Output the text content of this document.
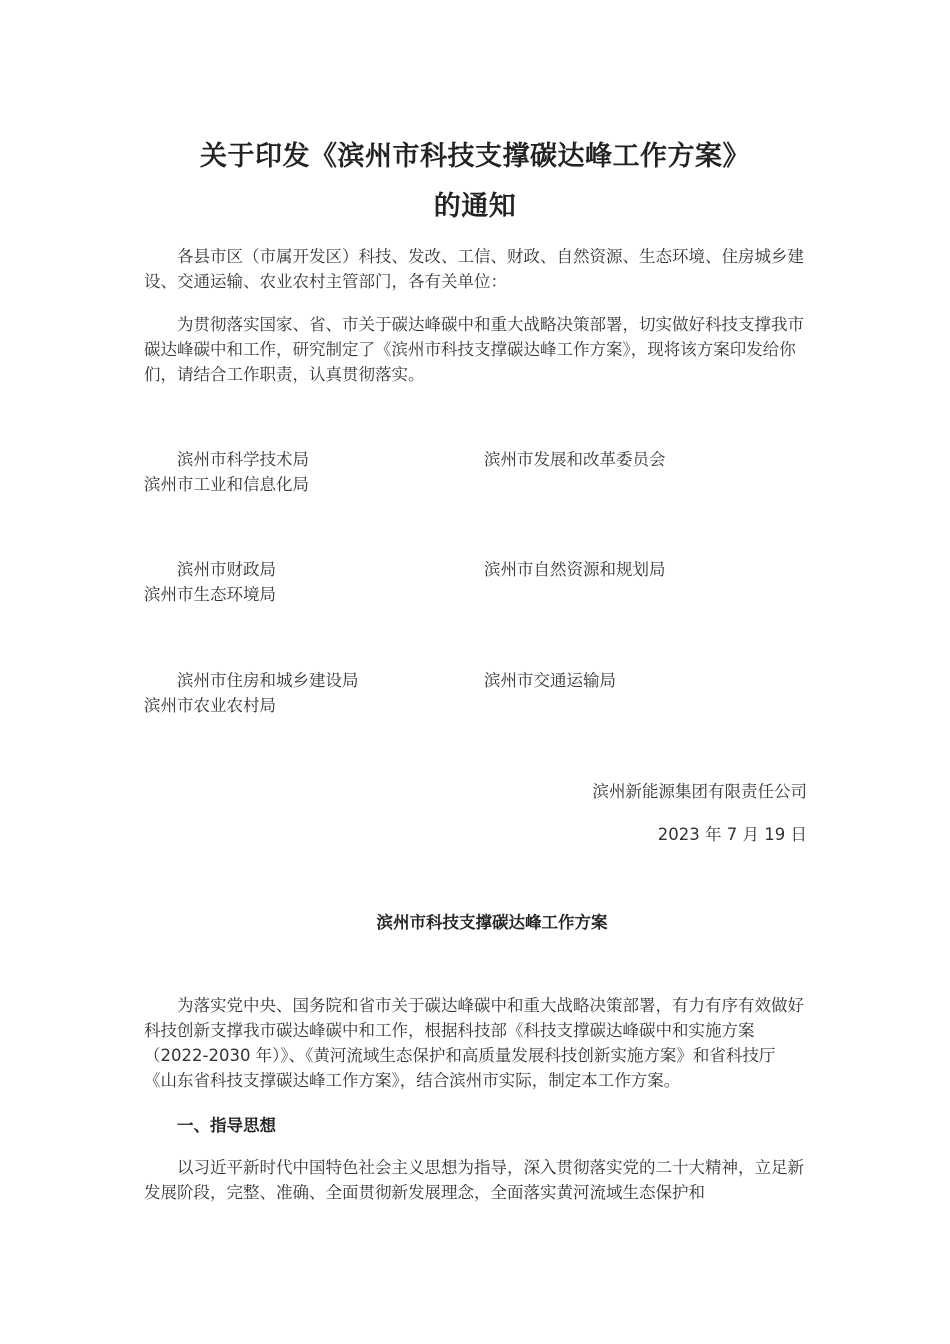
关于印发《滨州市科技支撑碳达峰工作方案》
的通知

各县市区（市属开发区）科技、发改、工信、财政、自然资源、生态环境、住房城乡建设、交通运输、农业农村主管部门，各有关单位：

为贯彻落实国家、省、市关于碳达峰碳中和重大战略决策部署，切实做好科技支撑我市碳达峰碳中和工作，研究制定了《滨州市科技支撑碳达峰工作方案》，现将该方案印发给你们，请结合工作职责，认真贯彻落实。

滨州市科学技术局	滨州市发展和改革委员会
滨州市工业和信息化局
滨州市财政局	滨州市自然资源和规划局
滨州市生态环境局
滨州市住房和城乡建设局	滨州市交通运输局
滨州市农业农村局
滨州新能源集团有限责任公司
2023 年 7 月 19 日
滨州市科技支撑碳达峰工作方案

为落实党中央、国务院和省市关于碳达峰碳中和重大战略决策部署，有力有序有效做好科技创新支撑我市碳达峰碳中和工作，根据科技部《科技支撑碳达峰碳中和实施方案（2022-2030 年）》、《黄河流域生态保护和高质量发展科技创新实施方案》和省科技厅《山东省科技支撑碳达峰工作方案》，结合滨州市实际，制定本工作方案。

一、指导思想

以习近平新时代中国特色社会主义思想为指导，深入贯彻落实党的二十大精神，立足新发展阶段，完整、准确、全面贯彻新发展理念，全面落实黄河流域生态保护和
